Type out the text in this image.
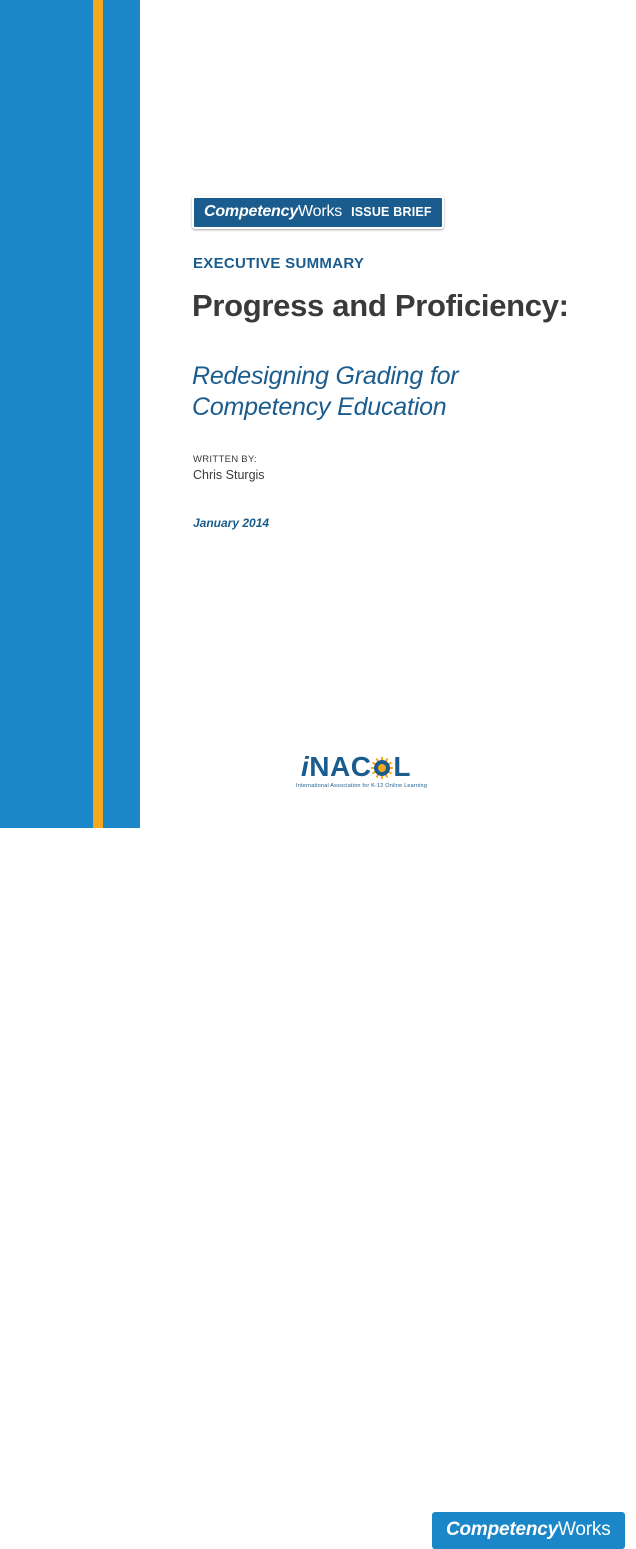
CompetencyWorks ISSUE BRIEF
EXECUTIVE SUMMARY
Progress and Proficiency:
Redesigning Grading for Competency Education
WRITTEN BY:
Chris Sturgis
January 2014
iNAC L
International Association for K-12 Online Learning
CompetencyWorks
